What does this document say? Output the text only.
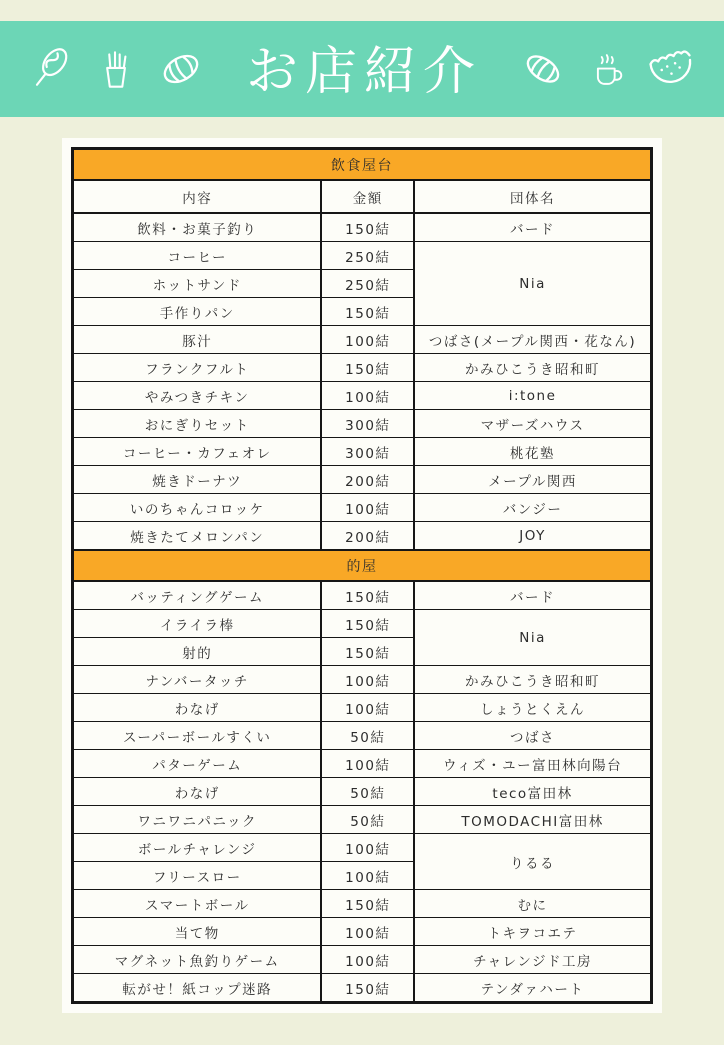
お店紹介
飲食屋台		
内容	金額	団体名
飲料・お菓子釣り	150結	バード
コーヒー	250結	Nia
ホットサンド	250結	
手作りパン	150結	
豚汁	100結	つばさ(メープル関西・花なん)
フランクフルト	150結	かみひこうき昭和町
やみつきチキン	100結	i:tone
おにぎりセット	300結	マザーズハウス
コーヒー・カフェオレ	300結	桃花塾
焼きドーナツ	200結	メープル関西
いのちゃんコロッケ	100結	バンジー
焼きたてメロンパン	200結	JOY
的屋		
バッティングゲーム	150結	バード
イライラ棒	150結	Nia
射的	150結	
ナンバータッチ	100結	かみひこうき昭和町
わなげ	100結	しょうとくえん
スーパーボールすくい	50結	つばさ
パターゲーム	100結	ウィズ・ユー富田林向陽台
わなげ	50結	teco富田林
ワニワニパニック	50結	TOMODACHI富田林
ボールチャレンジ	100結	りるる
フリースロー	100結	
スマートボール	150結	むに
当て物	100結	トキヲコエテ
マグネット魚釣りゲーム	100結	チャレンジド工房
転がせ！紙コップ迷路	150結	テンダァハート
